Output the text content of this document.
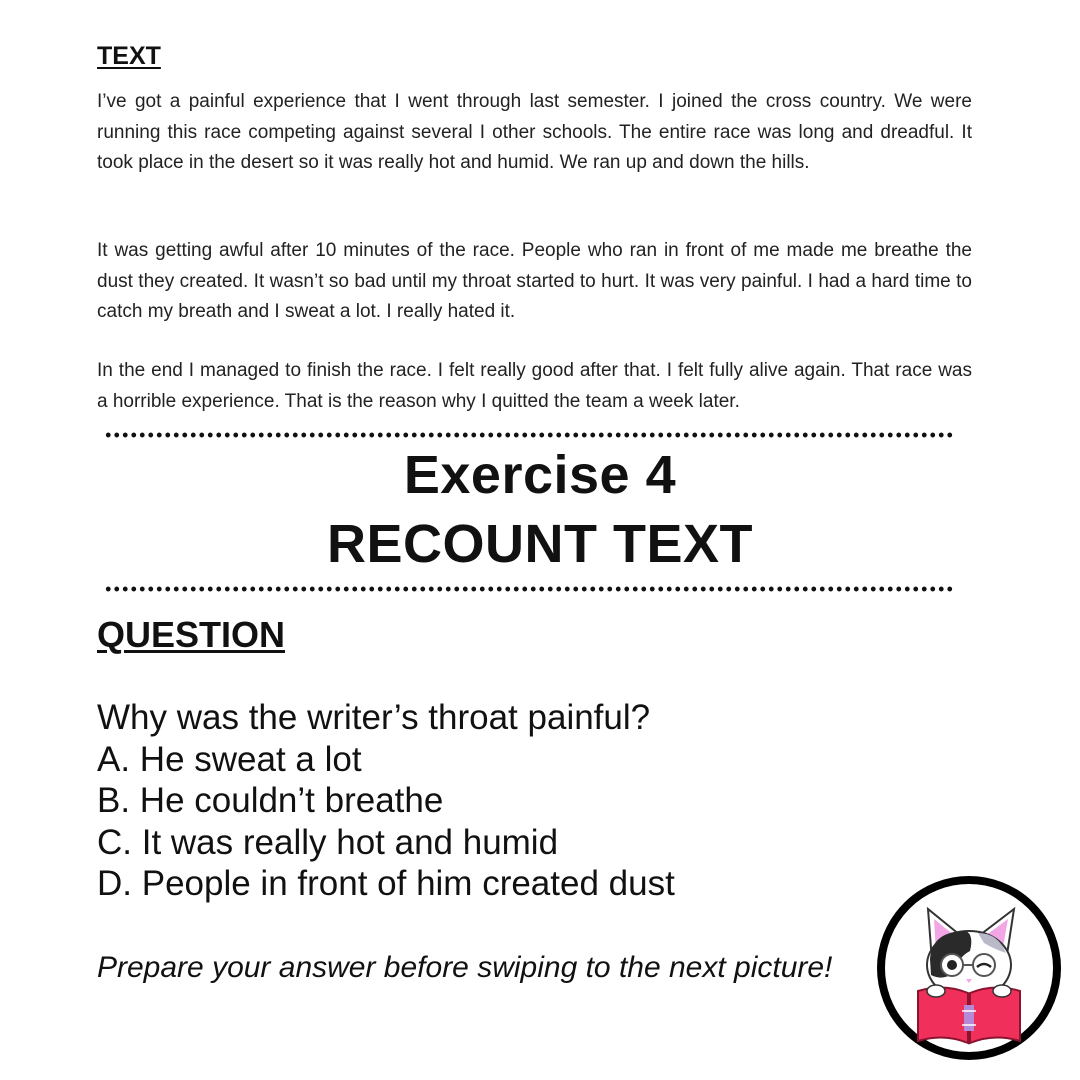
TEXT

I’ve got a painful experience that I went through last semester. I joined the cross country. We were running this race competing against several I other schools. The entire race was long and dreadful. It took place in the desert so it was really hot and humid. We ran up and down the hills.

It was getting awful after 10 minutes of the race. People who ran in front of me made me breathe the dust they created. It wasn’t so bad until my throat started to hurt. It was very painful. I had a hard time to catch my breath and I sweat a lot. I really hated it.

In the end I managed to finish the race. I felt really good after that. I felt fully alive again. That race was a horrible experience. That is the reason why I quitted the team a week later.

Exercise 4
RECOUNT TEXT
QUESTION
Why was the writer’s throat painful?
A. He sweat a lot
B. He couldn’t breathe
C. It was really hot and humid
D. People in front of him created dust

Prepare your answer before swiping to the next picture!
